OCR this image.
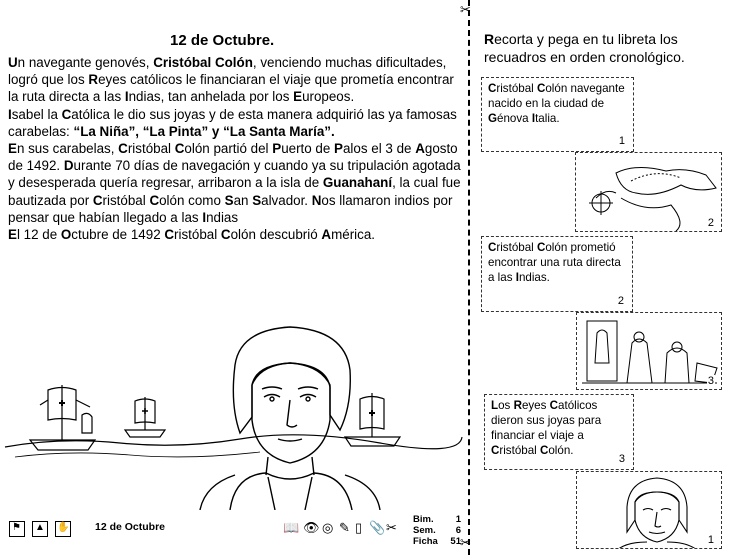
12 de Octubre.

Un navegante genovés, Cristóbal Colón, venciendo muchas dificultades, logró que los Reyes católicos le financiaran el viaje que prometía encontrar la ruta directa a las Indias, tan anhelada por los Europeos.

Isabel la Católica le dio sus joyas y de esta manera adquirió las ya famosas carabelas: “La Niña”, “La Pinta” y “La Santa María”.

En sus carabelas, Cristóbal Colón partió del Puerto de Palos el 3 de Agosto de 1492. Durante 70 días de navegación y cuando ya su tripulación agotada y desesperada quería regresar, arribaron a la isla de Guanahaní, la cual fue bautizada por Cristóbal Colón como San Salvador. Nos llamaron indios por pensar que habían llegado a las Indias

El 12 de Octubre de 1492 Cristóbal Colón descubrió América.

⚑ ▲ ✋ 12 de Octubre	📖 👁 ◎ ✎ ▯ 📎 ✂
Bim. 1
Sem. 6
Ficha 51
✂
✂
Recorta y pega en tu libreta los recuadros en orden cronológico.
Cristóbal Colón navegante nacido en la ciudad de Génova Italia.
1
2
Cristóbal Colón prometió encontrar una ruta directa a las Indias.
2
3
Los Reyes Católicos dieron sus joyas para financiar el viaje a Cristóbal Colón.
3
1
